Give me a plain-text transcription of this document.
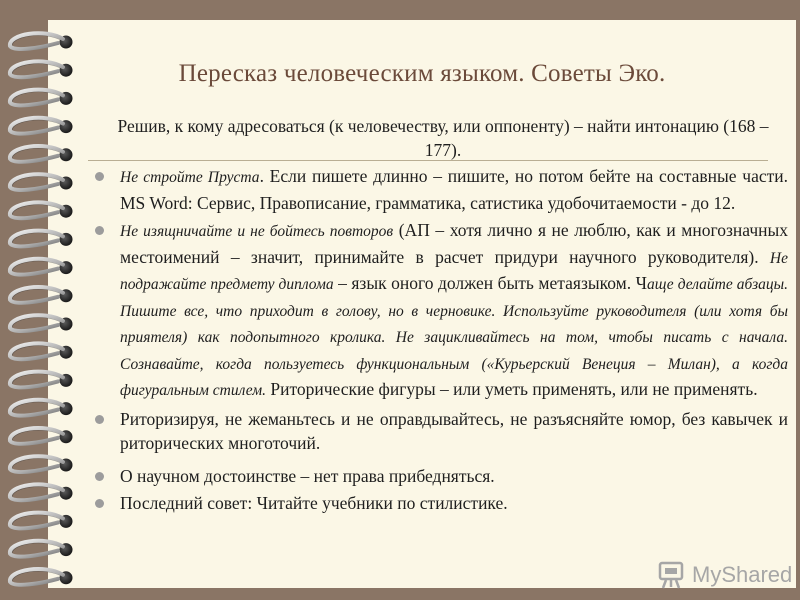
Пересказ человеческим языком. Советы Эко.
Решив, к кому адресоваться (к человечеству, или оппоненту) – найти интонацию (168 – 177).
Не стройте Пруста. Если пишете длинно – пишите, но потом бейте на составные части. MS Word: Сервис, Правописание, грамматика, сатистика удобочитаемости - до 12.
Не изящничайте и не бойтесь повторов (АП – хотя лично я не люблю, как и многозначных местоимений – значит, принимайте в расчет придури научного руководителя). Не подражайте предмету диплома – язык оного должен быть метаязыком. Чаще делайте абзацы. Пишите все, что приходит в голову, но в черновике. Используйте руководителя (или хотя бы приятеля) как подопытного кролика. Не зацикливайтесь на том, чтобы писать с начала. Сознавайте, когда пользуетесь функциональным («Курьерский Венеция – Милан), а когда фигуральным стилем. Риторические фигуры – или уметь применять, или не применять.
Риторизируя, не жеманьтесь и не оправдывайтесь, не разъясняйте юмор, без кавычек и риторических многоточий.
О научном достоинстве – нет права прибедняться.
Последний совет: Читайте учебники по стилистике.
MyShared
